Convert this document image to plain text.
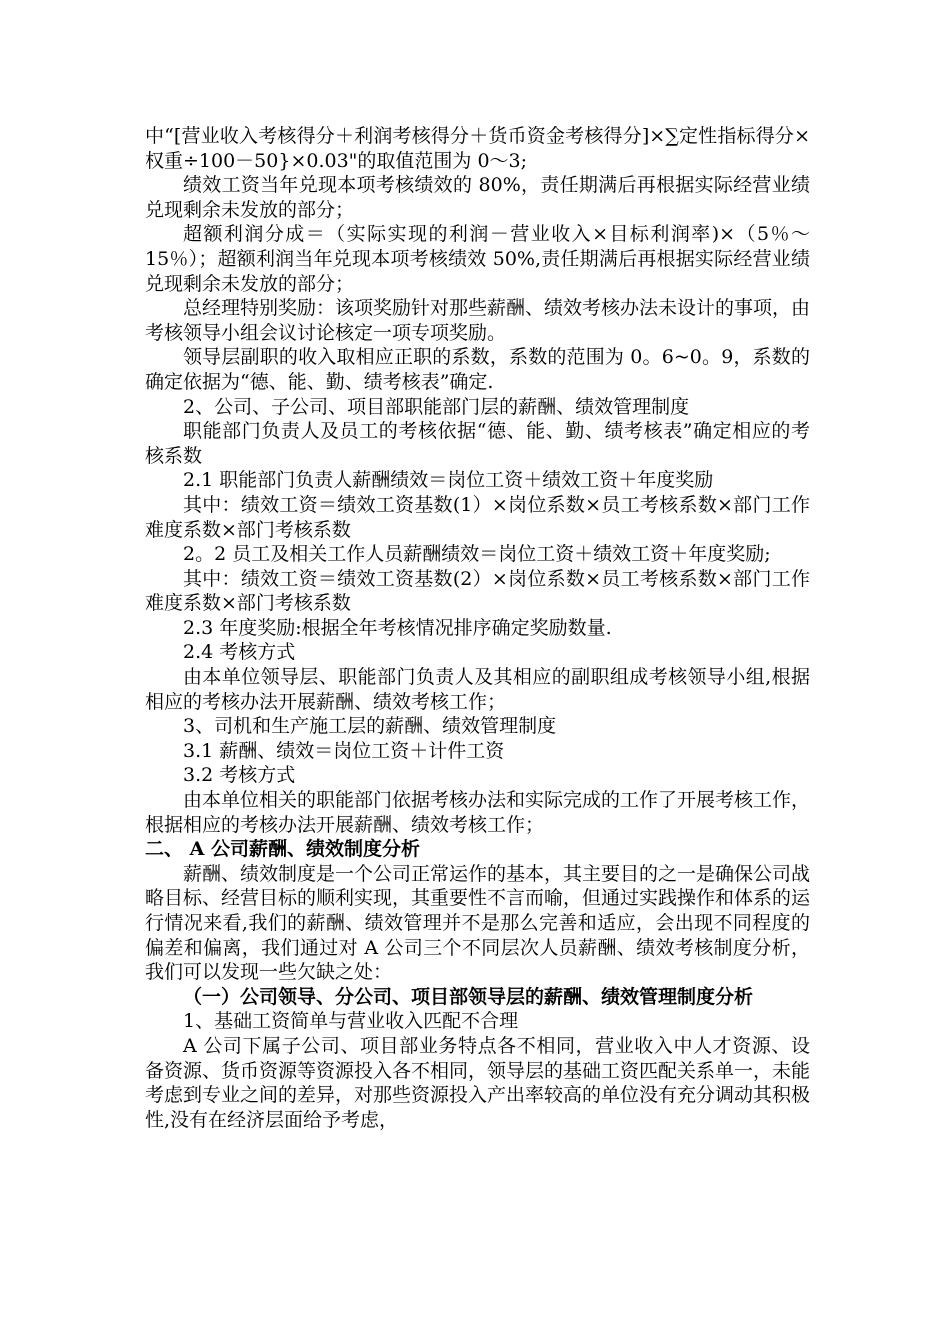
中“[营业收入考核得分＋利润考核得分＋货币资金考核得分]×∑定性指标得分×权重÷100－50}×0.03"的取值范围为 0～3;

绩效工资当年兑现本项考核绩效的 80%，责任期满后再根据实际经营业绩兑现剩余未发放的部分；

超额利润分成＝（实际实现的利润－营业收入×目标利润率)×（5％～15％）；超额利润当年兑现本项考核绩效 50%,责任期满后再根据实际经营业绩兑现剩余未发放的部分；

总经理特别奖励：该项奖励针对那些薪酬、绩效考核办法未设计的事项，由考核领导小组会议讨论核定一项专项奖励。

领导层副职的收入取相应正职的系数，系数的范围为 0。6~0。9，系数的确定依据为“德、能、勤、绩考核表”确定.

2、公司、子公司、项目部职能部门层的薪酬、绩效管理制度

职能部门负责人及员工的考核依据“德、能、勤、绩考核表”确定相应的考核系数

2.1 职能部门负责人薪酬绩效＝岗位工资＋绩效工资＋年度奖励

其中：绩效工资＝绩效工资基数(1）×岗位系数×员工考核系数×部门工作难度系数×部门考核系数

2。2 员工及相关工作人员薪酬绩效＝岗位工资＋绩效工资＋年度奖励;

其中：绩效工资＝绩效工资基数(2）×岗位系数×员工考核系数×部门工作难度系数×部门考核系数

2.3 年度奖励:根据全年考核情况排序确定奖励数量.

2.4 考核方式

由本单位领导层、职能部门负责人及其相应的副职组成考核领导小组,根据相应的考核办法开展薪酬、绩效考核工作；

3、司机和生产施工层的薪酬、绩效管理制度

3.1 薪酬、绩效＝岗位工资＋计件工资

3.2 考核方式

由本单位相关的职能部门依据考核办法和实际完成的工作了开展考核工作，根据相应的考核办法开展薪酬、绩效考核工作；

二、 A 公司薪酬、绩效制度分析

薪酬、绩效制度是一个公司正常运作的基本，其主要目的之一是确保公司战略目标、经营目标的顺利实现，其重要性不言而喻，但通过实践操作和体系的运行情况来看,我们的薪酬、绩效管理并不是那么完善和适应，会出现不同程度的偏差和偏离，我们通过对 A 公司三个不同层次人员薪酬、绩效考核制度分析，我们可以发现一些欠缺之处：

（一）公司领导、分公司、项目部领导层的薪酬、绩效管理制度分析

1、基础工资简单与营业收入匹配不合理

A 公司下属子公司、项目部业务特点各不相同，营业收入中人才资源、设备资源、货币资源等资源投入各不相同，领导层的基础工资匹配关系单一，未能考虑到专业之间的差异，对那些资源投入产出率较高的单位没有充分调动其积极性,没有在经济层面给予考虑，
